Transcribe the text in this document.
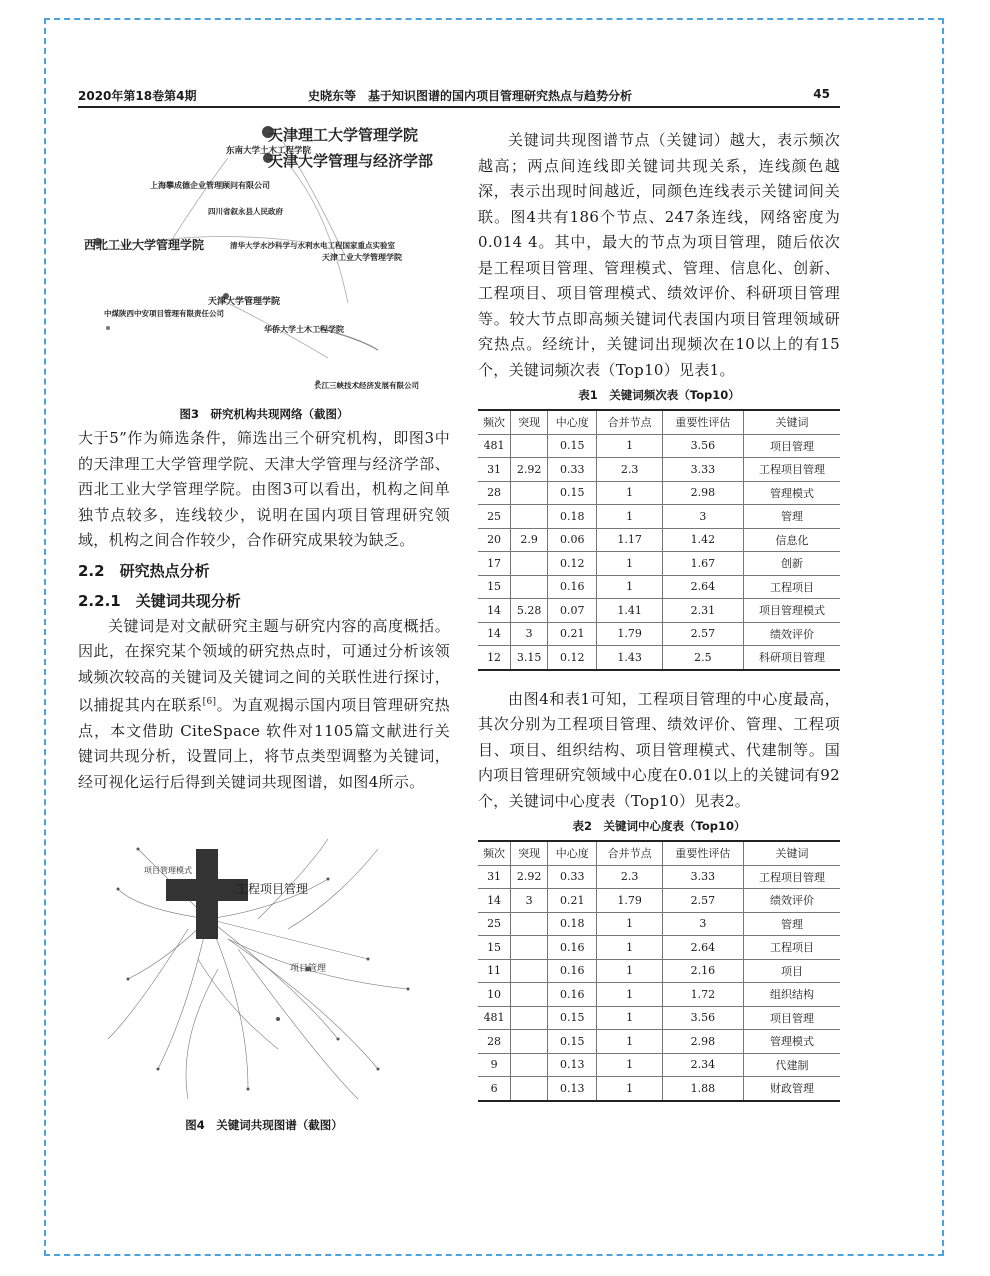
2020年第18卷第4期	史晓东等　基于知识图谱的国内项目管理研究热点与趋势分析	45
天津理工大学管理学院
东南大学土木工程学院
天津大学管理与经济学部
上海攀成德企业管理顾问有限公司
四川省叙永县人民政府
西北工业大学管理学院	清华大学水沙科学与水利水电工程国家重点实验室
天津工业大学管理学院
天津大学管理学院
中煤陕西中安项目管理有限责任公司
华侨大学土木工程学院
长江三峡技术经济发展有限公司
图3　研究机构共现网络（截图）

大于5”作为筛选条件，筛选出三个研究机构，即图3中的天津理工大学管理学院、天津大学管理与经济学部、西北工业大学管理学院。由图3可以看出，机构之间单独节点较多，连线较少，说明在国内项目管理研究领域，机构之间合作较少，合作研究成果较为缺乏。

2.2　研究热点分析
2.2.1　关键词共现分析

关键词是对文献研究主题与研究内容的高度概括。因此，在探究某个领域的研究热点时，可通过分析该领域频次较高的关键词及关键词之间的关联性进行探讨，以捕捉其内在联系[6]。为直观揭示国内项目管理研究热点，本文借助 CiteSpace 软件对1105篇文献进行关键词共现分析，设置同上，将节点类型调整为关键词，经可视化运行后得到关键词共现图谱，如图4所示。

项目管理模式
工程项目管理
项目管理
图4　关键词共现图谱（截图）

关键词共现图谱节点（关键词）越大，表示频次越高；两点间连线即关键词共现关系，连线颜色越深，表示出现时间越近，同颜色连线表示关键词间关联。图4共有186个节点、247条连线，网络密度为0.014 4。其中，最大的节点为项目管理，随后依次是工程项目管理、管理模式、管理、信息化、创新、工程项目、项目管理模式、绩效评价、科研项目管理等。较大节点即高频关键词代表国内项目管理领域研究热点。经统计，关键词出现频次在10以上的有15个，关键词频次表（Top10）见表1。

表1　关键词频次表（Top10）
频次	突现	中心度	合并节点	重要性评估	关键词
481		0.15	1	3.56	项目管理
31	2.92	0.33	2.3	3.33	工程项目管理
28		0.15	1	2.98	管理模式
25		0.18	1	3	管理
20	2.9	0.06	1.17	1.42	信息化
17		0.12	1	1.67	创新
15		0.16	1	2.64	工程项目
14	5.28	0.07	1.41	2.31	项目管理模式
14	3	0.21	1.79	2.57	绩效评价
12	3.15	0.12	1.43	2.5	科研项目管理

由图4和表1可知，工程项目管理的中心度最高，其次分别为工程项目管理、绩效评价、管理、工程项目、项目、组织结构、项目管理模式、代建制等。国内项目管理研究领域中心度在0.01以上的关键词有92个，关键词中心度表（Top10）见表2。

表2　关键词中心度表（Top10）
频次	突现	中心度	合并节点	重要性评估	关键词
31	2.92	0.33	2.3	3.33	工程项目管理
14	3	0.21	1.79	2.57	绩效评价
25		0.18	1	3	管理
15		0.16	1	2.64	工程项目
11		0.16	1	2.16	项目
10		0.16	1	1.72	组织结构
481		0.15	1	3.56	项目管理
28		0.15	1	2.98	管理模式
9		0.13	1	2.34	代建制
6		0.13	1	1.88	财政管理
